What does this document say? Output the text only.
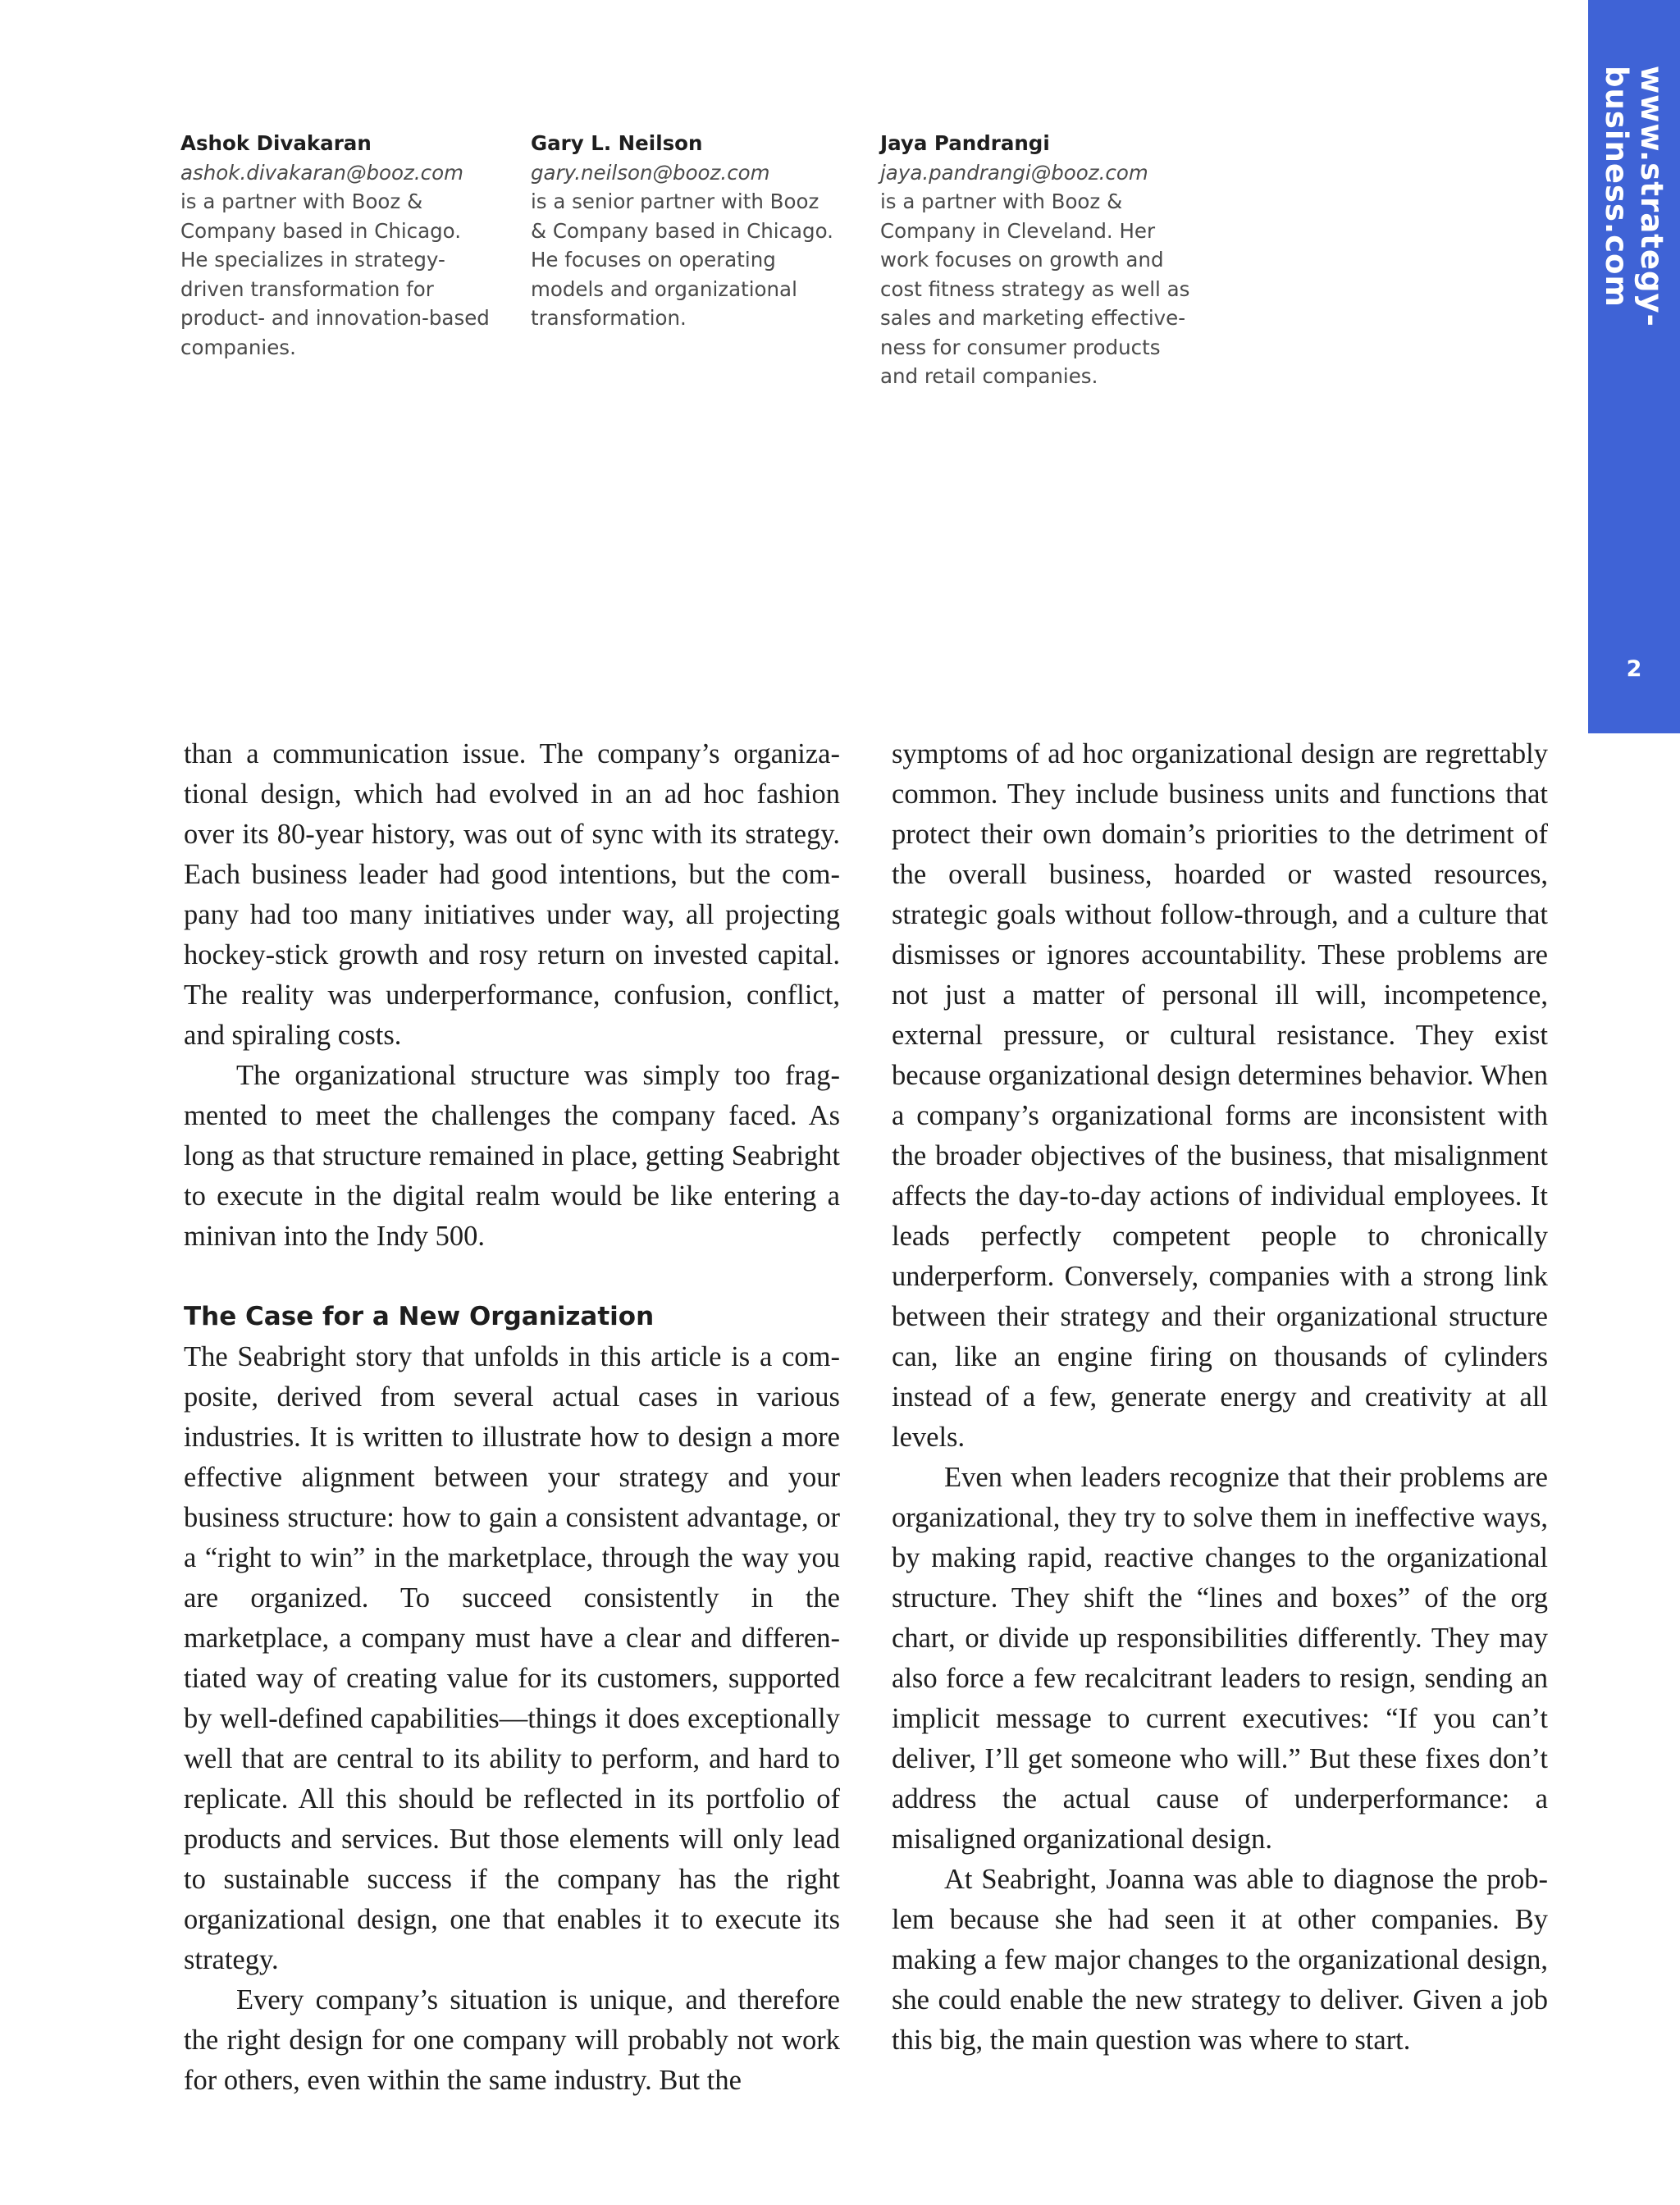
www.strategy-business.com
2
Ashok Divakaran
ashok.divakaran@booz.com
is a partner with Booz &
Company based in Chicago.
He specializes in strategy-
driven transformation for
product- and innovation-based
companies.
Gary L. Neilson
gary.neilson@booz.com
is a senior partner with Booz
& Company based in Chicago.
He focuses on operating
models and organizational
transformation.
Jaya Pandrangi
jaya.pandrangi@booz.com
is a partner with Booz &
Company in Cleveland. Her
work focuses on growth and
cost fitness strategy as well as
sales and marketing effective-
ness for consumer products
and retail companies.

than a communication issue. The company’s organizational design, which had evolved in an ad hoc fashion over its 80-year history, was out of sync with its strategy. Each business leader had good intentions, but the company had too many initiatives under way, all projecting hockey-stick growth and rosy return on invested capital. The reality was underperformance, confusion, conflict, and spiraling costs.

The organizational structure was simply too fragmented to meet the challenges the company faced. As long as that structure remained in place, getting Seabright to execute in the digital realm would be like entering a minivan into the Indy 500.

The Case for a New Organization

The Seabright story that unfolds in this article is a composite, derived from several actual cases in various industries. It is written to illustrate how to design a more effective alignment between your strategy and your business structure: how to gain a consistent advantage, or a “right to win” in the marketplace, through the way you are organized. To succeed consistently in the marketplace, a company must have a clear and differentiated way of creating value for its customers, supported by well-defined capabilities—things it does exceptionally well that are central to its ability to perform, and hard to replicate. All this should be reflected in its portfolio of products and services. But those elements will only lead to sustainable success if the company has the right organizational design, one that enables it to execute its strategy.

Every company’s situation is unique, and therefore the right design for one company will probably not work for others, even within the same industry. But the

symptoms of ad hoc organizational design are regrettably common. They include business units and functions that protect their own domain’s priorities to the detriment of the overall business, hoarded or wasted resources, strategic goals without follow-through, and a culture that dismisses or ignores accountability. These problems are not just a matter of personal ill will, incompetence, external pressure, or cultural resistance. They exist because organizational design determines behavior. When a company’s organizational forms are inconsistent with the broader objectives of the business, that misalignment affects the day-to-day actions of individual employees. It leads perfectly competent people to chronically underperform. Conversely, companies with a strong link between their strategy and their organizational structure can, like an engine firing on thousands of cylinders instead of a few, generate energy and creativity at all levels.

Even when leaders recognize that their problems are organizational, they try to solve them in ineffective ways, by making rapid, reactive changes to the organizational structure. They shift the “lines and boxes” of the org chart, or divide up responsibilities differently. They may also force a few recalcitrant leaders to resign, sending an implicit message to current executives: “If you can’t deliver, I’ll get someone who will.” But these fixes don’t address the actual cause of underperformance: a misaligned organizational design.

At Seabright, Joanna was able to diagnose the problem because she had seen it at other companies. By making a few major changes to the organizational design, she could enable the new strategy to deliver. Given a job this big, the main question was where to start.
